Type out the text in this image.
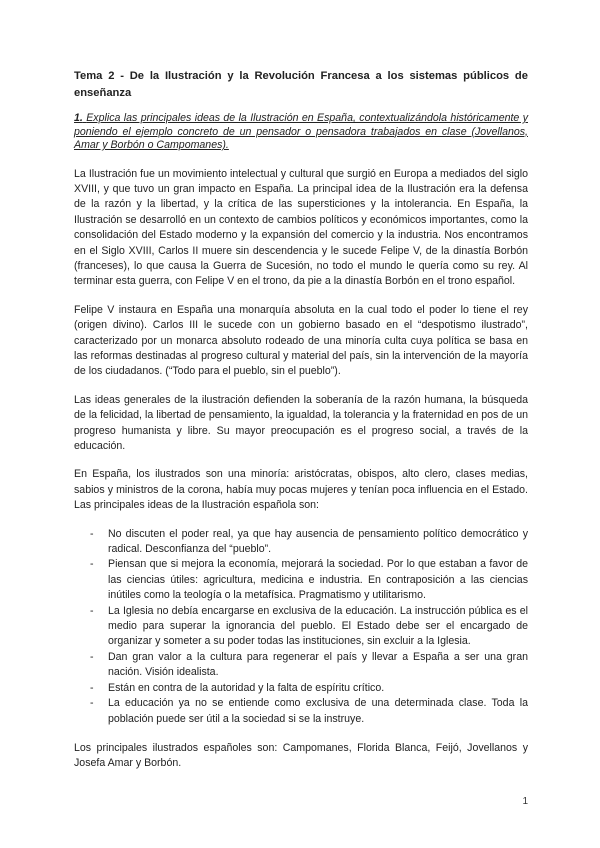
Tema 2 - De la Ilustración y la Revolución Francesa a los sistemas públicos de enseñanza

1. Explica las principales ideas de la Ilustración en España, contextualizándola históricamente y poniendo el ejemplo concreto de un pensador o pensadora trabajados en clase (Jovellanos, Amar y Borbón o Campomanes).

La Ilustración fue un movimiento intelectual y cultural que surgió en Europa a mediados del siglo XVIII, y que tuvo un gran impacto en España. La principal idea de la Ilustración era la defensa de la razón y la libertad, y la crítica de las supersticiones y la intolerancia. En España, la Ilustración se desarrolló en un contexto de cambios políticos y económicos importantes, como la consolidación del Estado moderno y la expansión del comercio y la industria. Nos encontramos en el Siglo XVIII, Carlos II muere sin descendencia y le sucede Felipe V, de la dinastía Borbón (franceses), lo que causa la Guerra de Sucesión, no todo el mundo le quería como su rey. Al terminar esta guerra, con Felipe V en el trono, da pie a la dinastía Borbón en el trono español.

Felipe V instaura en España una monarquía absoluta en la cual todo el poder lo tiene el rey (origen divino). Carlos III le sucede con un gobierno basado en el “despotismo ilustrado”, caracterizado por un monarca absoluto rodeado de una minoría culta cuya política se basa en las reformas destinadas al progreso cultural y material del país, sin la intervención de la mayoría de los ciudadanos. (“Todo para el pueblo, sin el pueblo”).

Las ideas generales de la ilustración defienden la soberanía de la razón humana, la búsqueda de la felicidad, la libertad de pensamiento, la igualdad, la tolerancia y la fraternidad en pos de un progreso humanista y libre. Su mayor preocupación es el progreso social, a través de la educación.

En España, los ilustrados son una minoría: aristócratas, obispos, alto clero, clases medias, sabios y ministros de la corona, había muy pocas mujeres y tenían poca influencia en el Estado. Las principales ideas de la Ilustración española son:

- No discuten el poder real, ya que hay ausencia de pensamiento político democrático y radical. Desconfianza del “pueblo”.
- Piensan que si mejora la economía, mejorará la sociedad. Por lo que estaban a favor de las ciencias útiles: agricultura, medicina e industria. En contraposición a las ciencias inútiles como la teología o la metafísica. Pragmatismo y utilitarismo.
- La Iglesia no debía encargarse en exclusiva de la educación. La instrucción pública es el medio para superar la ignorancia del pueblo. El Estado debe ser el encargado de organizar y someter a su poder todas las instituciones, sin excluir a la Iglesia.
- Dan gran valor a la cultura para regenerar el país y llevar a España a ser una gran nación. Visión idealista.
- Están en contra de la autoridad y la falta de espíritu crítico.
- La educación ya no se entiende como exclusiva de una determinada clase. Toda la población puede ser útil a la sociedad si se la instruye.

Los principales ilustrados españoles son: Campomanes, Florida Blanca, Feijó, Jovellanos y Josefa Amar y Borbón.

1
